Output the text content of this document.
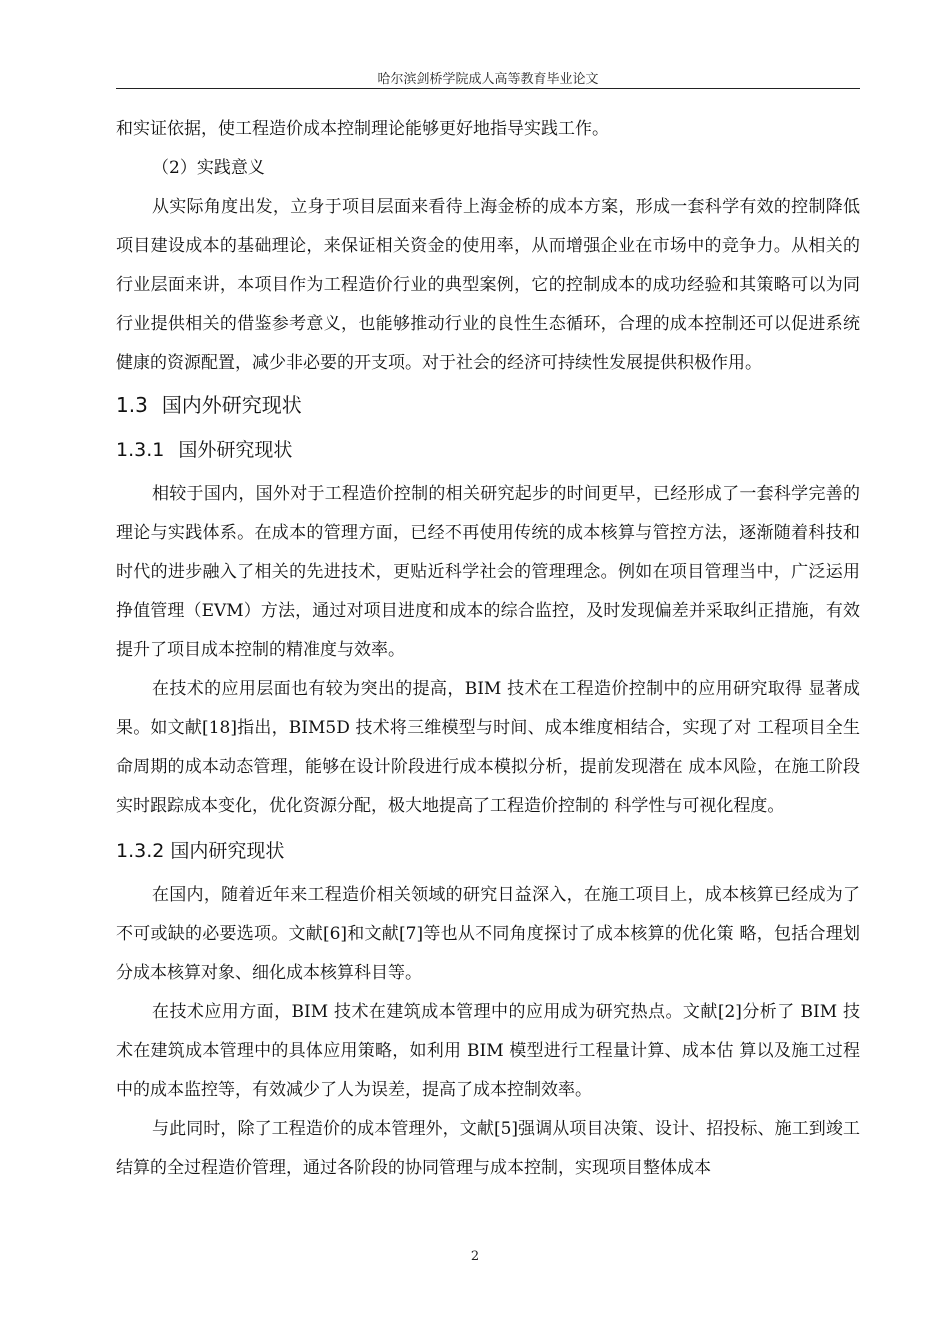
哈尔滨剑桥学院成人高等教育毕业论文

和实证依据，使工程造价成本控制理论能够更好地指导实践工作。

（2）实践意义

从实际角度出发，立身于项目层面来看待上海金桥的成本方案，形成一套科学有效的控制降低项目建设成本的基础理论，来保证相关资金的使用率，从而增强企业在市场中的竞争力。从相关的行业层面来讲，本项目作为工程造价行业的典型案例，它的控制成本的成功经验和其策略可以为同行业提供相关的借鉴参考意义，也能够推动行业的良性生态循环，合理的成本控制还可以促进系统健康的资源配置，减少非必要的开支项。对于社会的经济可持续性发展提供积极作用。

1.3 国内外研究现状
1.3.1 国外研究现状

相较于国内，国外对于工程造价控制的相关研究起步的时间更早，已经形成了一套科学完善的理论与实践体系。在成本的管理方面，已经不再使用传统的成本核算与管控方法，逐渐随着科技和时代的进步融入了相关的先进技术，更贴近科学社会的管理理念。例如在项目管理当中，广泛运用挣值管理（EVM）方法，通过对项目进度和成本的综合监控，及时发现偏差并采取纠正措施，有效提升了项目成本控制的精准度与效率。

在技术的应用层面也有较为突出的提高，BIM 技术在工程造价控制中的应用研究取得 显著成果。如文献[18]指出，BIM5D 技术将三维模型与时间、成本维度相结合，实现了对 工程项目全生命周期的成本动态管理，能够在设计阶段进行成本模拟分析，提前发现潜在 成本风险，在施工阶段实时跟踪成本变化，优化资源分配，极大地提高了工程造价控制的 科学性与可视化程度。

1.3.2 国内研究现状

在国内，随着近年来工程造价相关领域的研究日益深入，在施工项目上，成本核算已经成为了不可或缺的必要选项。文献[6]和文献[7]等也从不同角度探讨了成本核算的优化策 略，包括合理划分成本核算对象、细化成本核算科目等。

在技术应用方面，BIM 技术在建筑成本管理中的应用成为研究热点。文献[2]分析了 BIM 技术在建筑成本管理中的具体应用策略，如利用 BIM 模型进行工程量计算、成本估 算以及施工过程中的成本监控等，有效减少了人为误差，提高了成本控制效率。

与此同时，除了工程造价的成本管理外，文献[5]强调从项目决策、设计、招投标、施工到竣工结算的全过程造价管理，通过各阶段的协同管理与成本控制，实现项目整体成本

2
